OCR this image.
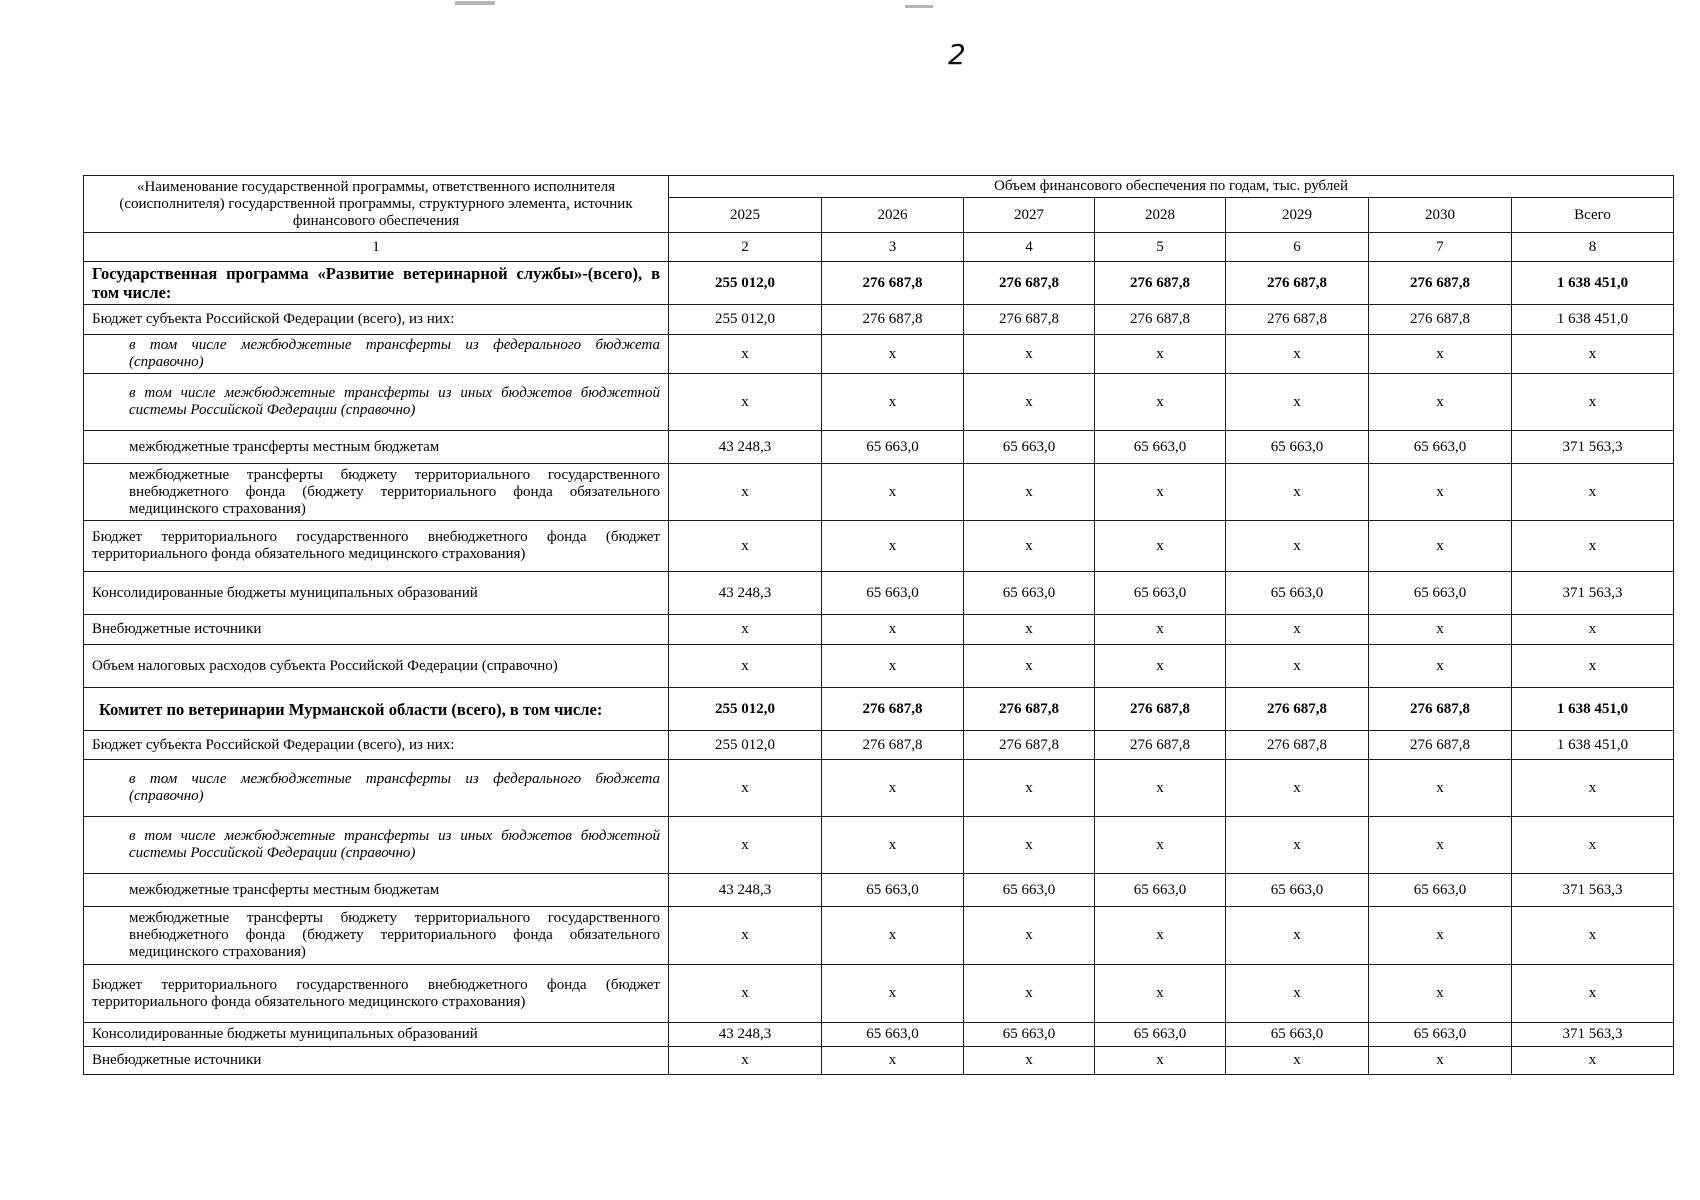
2
«Наименование государственной программы, ответственного исполнителя (соисполнителя) государственной программы, структурного элемента, источник финансового обеспечения	Объем финансового обеспечения по годам, тыс. рублей						
	2025	2026	2027	2028	2029	2030	Всего
1	2	3	4	5	6	7	8
Государственная программа «Развитие ветеринарной службы»-(всего), в том числе:	255 012,0	276 687,8	276 687,8	276 687,8	276 687,8	276 687,8	1 638 451,0
Бюджет субъекта Российской Федерации (всего), из них:	255 012,0	276 687,8	276 687,8	276 687,8	276 687,8	276 687,8	1 638 451,0
в том числе межбюджетные трансферты из федерального бюджета (справочно)	x	x	x	x	x	x	x
в том числе межбюджетные трансферты из иных бюджетов бюджетной системы Российской Федерации (справочно)	x	x	x	x	x	x	x
межбюджетные трансферты местным бюджетам	43 248,3	65 663,0	65 663,0	65 663,0	65 663,0	65 663,0	371 563,3
межбюджетные трансферты бюджету территориального государственного внебюджетного фонда (бюджету территориального фонда обязательного медицинского страхования)	x	x	x	x	x	x	x
Бюджет территориального государственного внебюджетного фонда (бюджет территориального фонда обязательного медицинского страхования)	x	x	x	x	x	x	x
Консолидированные бюджеты муниципальных образований	43 248,3	65 663,0	65 663,0	65 663,0	65 663,0	65 663,0	371 563,3
Внебюджетные источники	x	x	x	x	x	x	x
Объем налоговых расходов субъекта Российской Федерации (справочно)	x	x	x	x	x	x	x
Комитет по ветеринарии Мурманской области (всего), в том числе:	255 012,0	276 687,8	276 687,8	276 687,8	276 687,8	276 687,8	1 638 451,0
Бюджет субъекта Российской Федерации (всего), из них:	255 012,0	276 687,8	276 687,8	276 687,8	276 687,8	276 687,8	1 638 451,0
в том числе межбюджетные трансферты из федерального бюджета (справочно)	x	x	x	x	x	x	x
в том числе межбюджетные трансферты из иных бюджетов бюджетной системы Российской Федерации (справочно)	x	x	x	x	x	x	x
межбюджетные трансферты местным бюджетам	43 248,3	65 663,0	65 663,0	65 663,0	65 663,0	65 663,0	371 563,3
межбюджетные трансферты бюджету территориального государственного внебюджетного фонда (бюджету территориального фонда обязательного медицинского страхования)	x	x	x	x	x	x	x
Бюджет территориального государственного внебюджетного фонда (бюджет территориального фонда обязательного медицинского страхования)	x	x	x	x	x	x	x
Консолидированные бюджеты муниципальных образований	43 248,3	65 663,0	65 663,0	65 663,0	65 663,0	65 663,0	371 563,3
Внебюджетные источники	x	x	x	x	x	x	x
